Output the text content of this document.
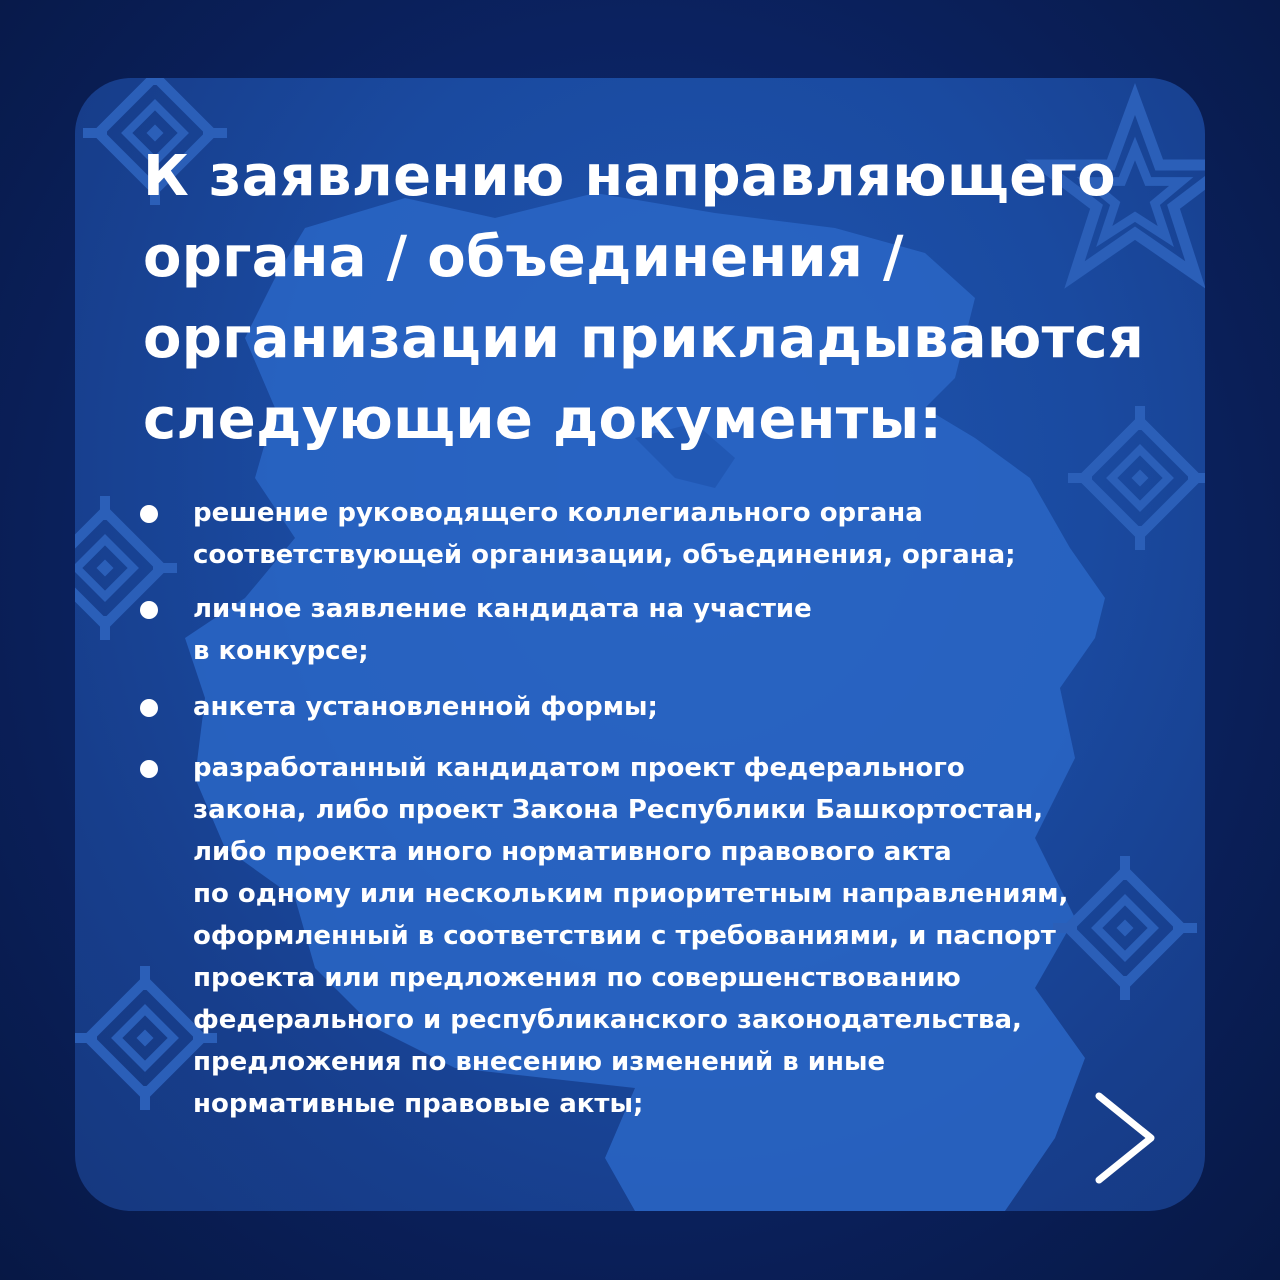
К заявлению направляющего
органа / объединения /
организации прикладываются
следующие документы:
решение руководящего коллегиального органа
соответствующей организации, объединения, органа;
личное заявление кандидата на участие
в конкурсе;
анкета установленной формы;
разработанный кандидатом проект федерального
закона, либо проект Закона Республики Башкортостан,
либо проекта иного нормативного правового акта
по одному или нескольким приоритетным направлениям,
оформленный в соответствии с требованиями, и паспорт
проекта или предложения по совершенствованию
федерального и республиканского законодательства,
предложения по внесению изменений в иные
нормативные правовые акты;
